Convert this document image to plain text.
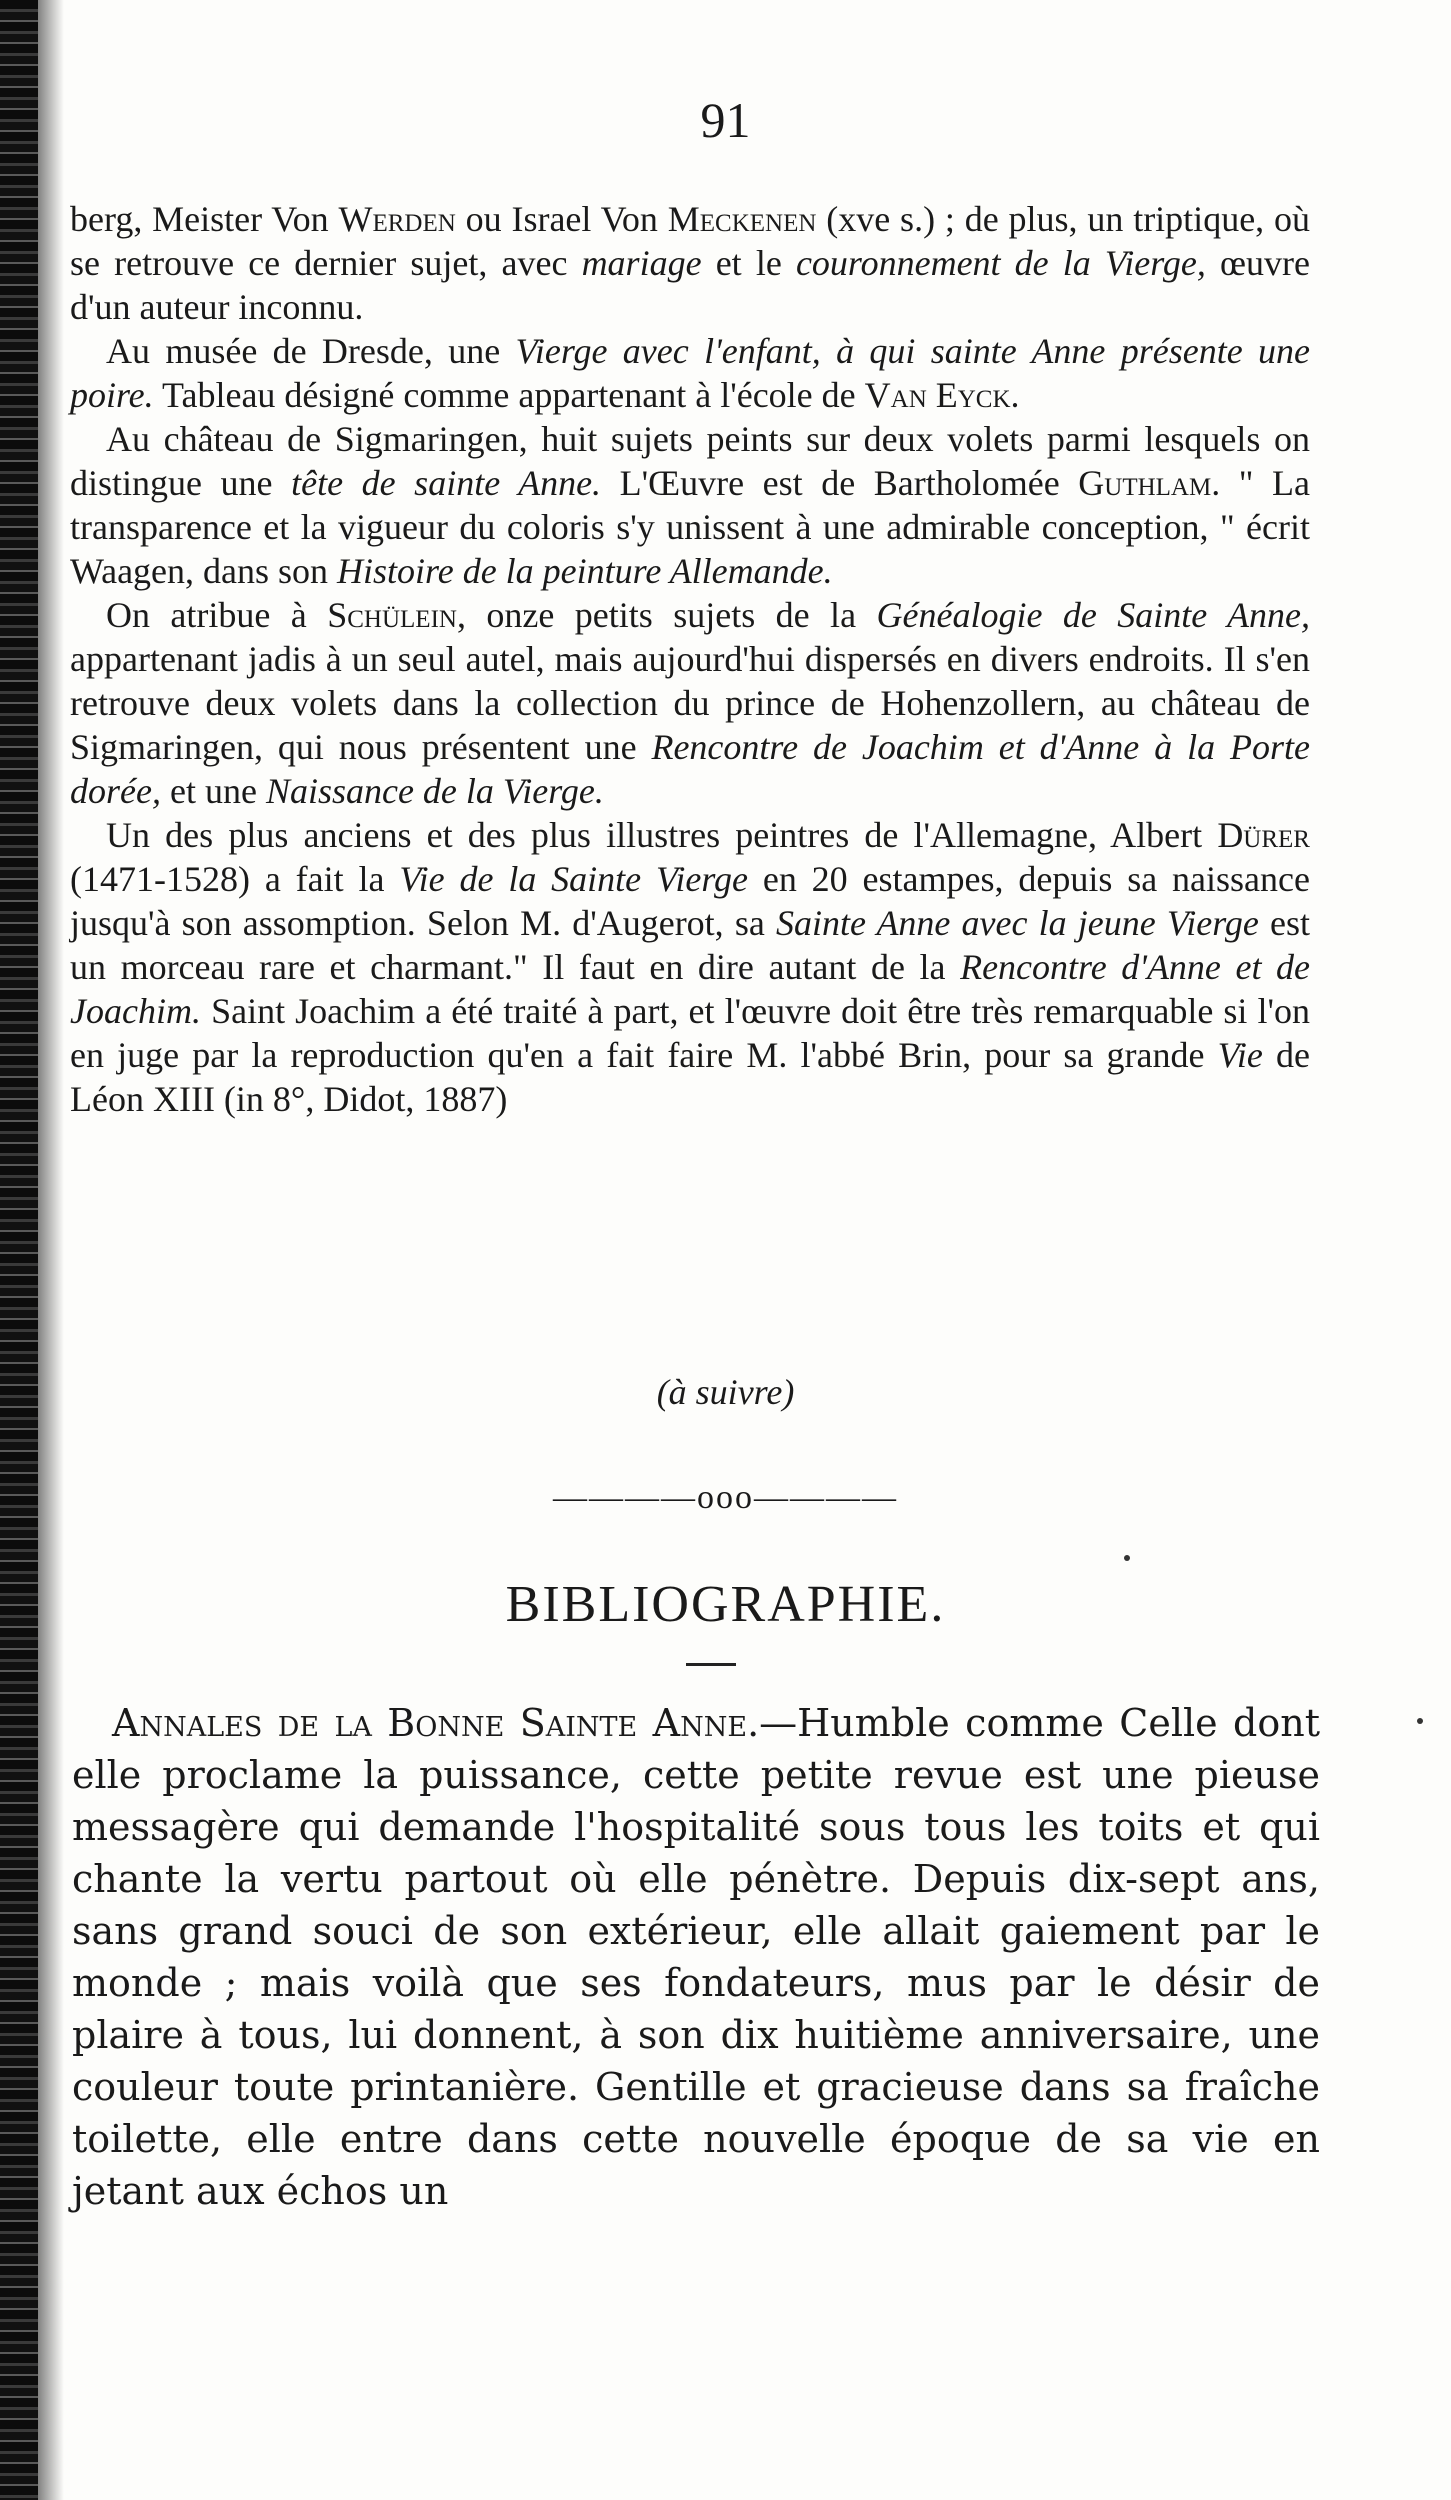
91

berg, Meister Von Werden ou Israel Von Meckenen (xve s.) ; de plus, un triptique, où se retrouve ce dernier sujet, avec mariage et le couronnement de la Vierge, œuvre d'un auteur inconnu.

Au musée de Dresde, une Vierge avec l'enfant, à qui sainte Anne présente une poire. Tableau désigné comme appartenant à l'école de Van Eyck.

Au château de Sigmaringen, huit sujets peints sur deux volets parmi lesquels on distingue une tête de sainte Anne. L'Œuvre est de Bartholomée Guthlam. " La transparence et la vigueur du coloris s'y unissent à une admirable conception, " écrit Waagen, dans son Histoire de la peinture Allemande.

On atribue à Schülein, onze petits sujets de la Généalogie de Sainte Anne, appartenant jadis à un seul autel, mais aujourd'hui dispersés en divers endroits. Il s'en retrouve deux volets dans la collection du prince de Hohenzollern, au château de Sigmaringen, qui nous présentent une Rencontre de Joachim et d'Anne à la Porte dorée, et une Naissance de la Vierge.

Un des plus anciens et des plus illustres peintres de l'Allemagne, Albert Dürer (1471-1528) a fait la Vie de la Sainte Vierge en 20 estampes, depuis sa naissance jusqu'à son assomption. Selon M. d'Augerot, sa Sainte Anne avec la jeune Vierge est un morceau rare et charmant." Il faut en dire autant de la Rencontre d'Anne et de Joachim. Saint Joachim a été traité à part, et l'œuvre doit être très remarquable si l'on en juge par la reproduction qu'en a fait faire M. l'abbé Brin, pour sa grande Vie de Léon XIII (in 8°, Didot, 1887)

(à suivre)
————ooo————
BIBLIOGRAPHIE.

Annales de la Bonne Sainte Anne.—Humble comme Celle dont elle proclame la puissance, cette petite revue est une pieuse messagère qui demande l'hospitalité sous tous les toits et qui chante la vertu partout où elle pénètre. Depuis dix-sept ans, sans grand souci de son extérieur, elle allait gaiement par le monde ; mais voilà que ses fondateurs, mus par le désir de plaire à tous, lui donnent, à son dix huitième anniversaire, une couleur toute printanière. Gentille et gracieuse dans sa fraîche toilette, elle entre dans cette nouvelle époque de sa vie en jetant aux échos un
